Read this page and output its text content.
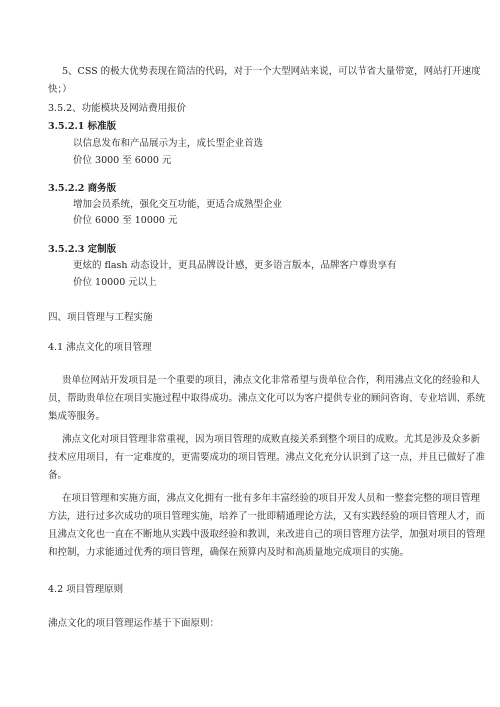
5、CSS 的极大优势表现在简洁的代码，对于一个大型网站来说，可以节省大量带宽，网站打开速度
快；）
3.5.2、功能模块及网站费用报价
3.5.2.1 标准版
以信息发布和产品展示为主，成长型企业首选
价位 3000 至 6000 元
3.5.2.2 商务版
增加会员系统，强化交互功能，更适合成熟型企业
价位 6000 至 10000 元
3.5.2.3 定制版
更炫的 flash 动态设计，更具品牌设计感，更多语言版本，品牌客户尊贵享有
价位 10000 元以上
四、项目管理与工程实施
4.1 沸点文化的项目管理
贵单位网站开发项目是一个重要的项目，沸点文化非常希望与贵单位合作，利用沸点文化的经验和人
员，帮助贵单位在项目实施过程中取得成功。沸点文化可以为客户提供专业的顾问咨询、专业培训、系统
集成等服务。
沸点文化对项目管理非常重视，因为项目管理的成败直接关系到整个项目的成败。尤其是涉及众多新
技术应用项目，有一定难度的，更需要成功的项目管理。沸点文化充分认识到了这一点，并且已做好了准
备。
在项目管理和实施方面，沸点文化拥有一批有多年丰富经验的项目开发人员和一整套完整的项目管理
方法，进行过多次成功的项目管理实施，培养了一批即精通理论方法，又有实践经验的项目管理人才，而
且沸点文化也一直在不断地从实践中汲取经验和教训，来改进自己的项目管理方法学，加强对项目的管理
和控制，力求能通过优秀的项目管理，确保在预算内及时和高质量地完成项目的实施。
4.2 项目管理原则
沸点文化的项目管理运作基于下面原则：
